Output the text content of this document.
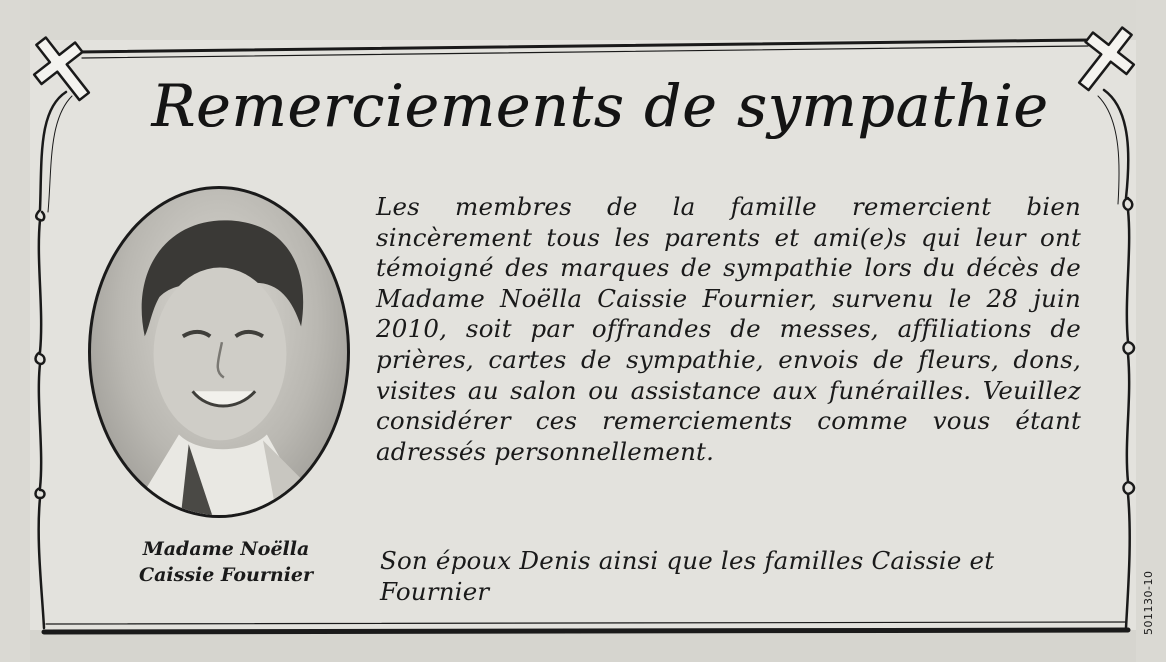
Remerciements de sympathie
Madame Noëlla
Caissie Fournier

Les membres de la famille remercient bien sincèrement tous les parents et ami(e)s qui leur ont témoigné des marques de sympathie lors du décès de Madame Noëlla Caissie Fournier, survenu le 28 juin 2010, soit par offrandes de messes, affiliations de prières, cartes de sympathie, envois de fleurs, dons, visites au salon ou assistance aux funérailles. Veuillez considérer ces remerciements comme vous étant adressés personnellement.

Son époux Denis ainsi que les familles Caissie et Fournier	501130-10
